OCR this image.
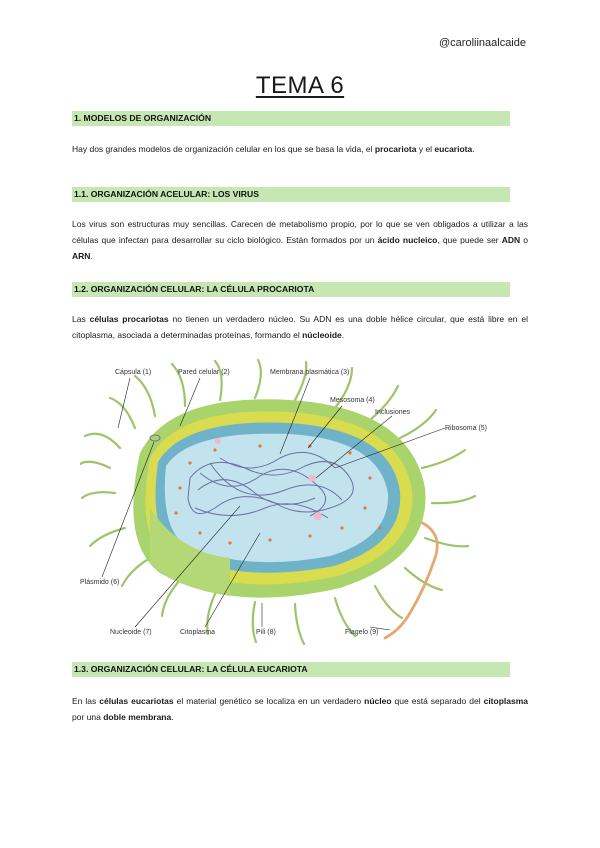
@caroliinaalcaide
TEMA 6
1. MODELOS DE ORGANIZACIÓN
Hay dos grandes modelos de organización celular en los que se basa la vida, el procariota y el eucariota.
1.1. ORGANIZACIÓN ACELULAR: LOS VIRUS
Los virus son estructuras muy sencillas. Carecen de metabolismo propio, por lo que se ven obligados a utilizar a las células que infectan para desarrollar su ciclo biológico. Están formados por un ácido nucleico, que puede ser ADN o ARN.
1.2. ORGANIZACIÓN CELULAR: LA CÉLULA PROCARIOTA
Las células procariotas no tienen un verdadero núcleo. Su ADN es una doble hélice circular, que está libre en el citoplasma, asociada a determinadas proteínas, formando el núcleoide.
Cápsula (1)	Pared celular (2)	Membrana plasmática (3)
Mesosoma (4)
Inclusiones
Ribosoma (5)
Plásmido (6)
Nucleoide (7)	Citoplasma	Pili (8)	Flagelo (9)
1.3. ORGANIZACIÓN CELULAR: LA CÉLULA EUCARIOTA
En las células eucariotas el material genético se localiza en un verdadero núcleo que está separado del citoplasma por una doble membrana.
